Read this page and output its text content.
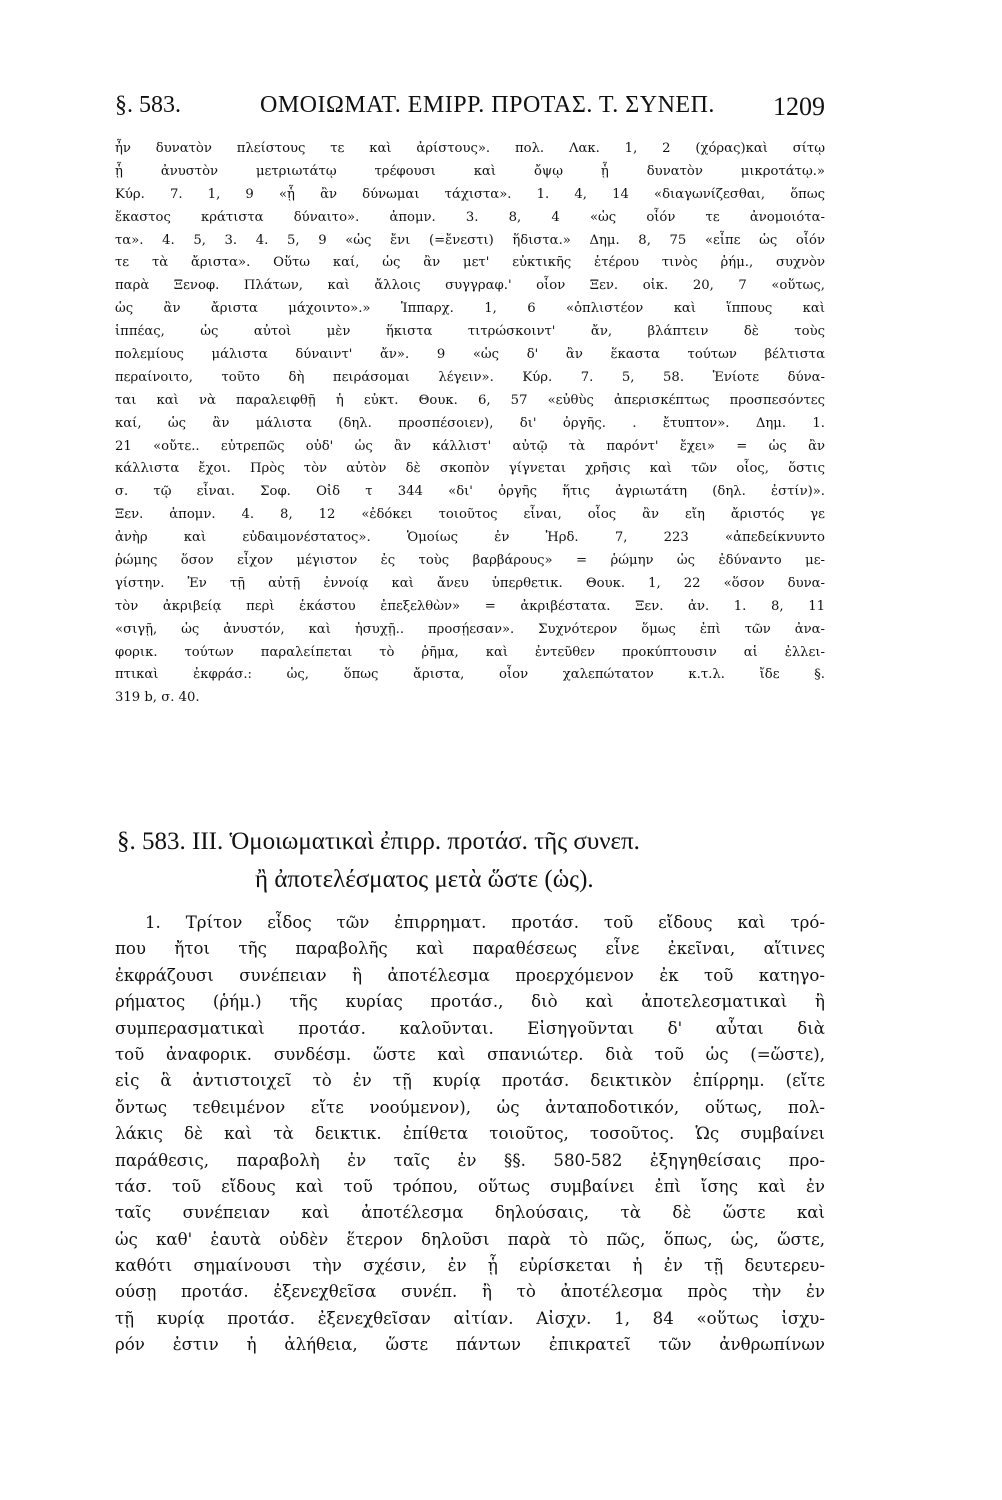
§. 583.	ΟΜΟΙΩΜΑΤ. ΕΜΙΡΡ. ΠΡΟΤΑΣ. Τ. ΣΥΝΕΠ. 1209
ἦν δυνατὸν πλείστους τε καὶ ἀρίστους». πολ. Λακ. 1, 2 (χόρας)καὶ σίτῳ
ᾗ ἀνυστὸν μετριωτάτῳ τρέφουσι καὶ ὄψῳ ᾗ δυνατὸν μικροτάτῳ.»
Κύρ. 7. 1, 9 «ᾗ ἂν δύνωμαι τάχιστα». 1. 4, 14 «διαγωνίζεσθαι, ὅπως
ἕκαστος κράτιστα δύναιτο». ἀπομν. 3. 8, 4 «ὡς οἷόν τε ἀνομοιότα-
τα». 4. 5, 3. 4. 5, 9 «ὡς ἔνι (=ἔνεστι) ἥδιστα.» Δημ. 8, 75 «εἶπε ὡς οἷόν
τε τὰ ἄριστα». Οὕτω καί, ὡς ἂν μετ' εὐκτικῆς ἑτέρου τινὸς ῥήμ., συχνὸν
παρὰ Ξενοφ. Πλάτων, καὶ ἄλλοις συγγραφ.' οἷον Ξεν. οἰκ. 20, 7 «οὕτως,
ὡς ἂν ἄριστα μάχοιντο».» Ἱππαρχ. 1, 6 «ὁπλιστέον καὶ ἵππους καὶ
ἱππέας, ὡς αὐτοὶ μὲν ἥκιστα τιτρώσκοιντ' ἄν, βλάπτειν δὲ τοὺς
πολεμίους μάλιστα δύναιντ' ἄν». 9 «ὡς δ' ἂν ἕκαστα τούτων βέλτιστα
περαίνοιτο, τοῦτο δὴ πειράσομαι λέγειν». Κύρ. 7. 5, 58. Ἐνίοτε δύνα-
ται καὶ νὰ παραλειφθῇ ἡ εὐκτ. Θουκ. 6, 57 «εὐθὺς ἀπερισκέπτως προσπεσόντες
καί, ὡς ἂν μάλιστα (δηλ. προσπέσοιεν), δι' ὀργῆς. . ἔτυπτον». Δημ. 1.
21 «οὔτε.. εὐτρεπῶς οὐδ' ὡς ἂν κάλλιστ' αὐτῷ τὰ παρόντ' ἔχει» = ὡς ἂν
κάλλιστα ἔχοι. Πρὸς τὸν αὐτὸν δὲ σκοπὸν γίγνεται χρῆσις καὶ τῶν οἷος, ὅστις
σ. τῷ εἶναι. Σοφ. Οἰδ τ 344 «δι' ὀργῆς ἥτις ἀγριωτάτη (δηλ. ἐστίν)».
Ξεν. ἀπομν. 4. 8, 12 «ἐδόκει τοιοῦτος εἶναι, οἷος ἂν εἴη ἄριστός γε
ἀνὴρ καὶ εὐδαιμονέστατος». Ὁμοίως ἐν Ἡρδ. 7, 223 «ἀπεδείκνυντο
ῥώμης ὅσον εἶχον μέγιστον ἐς τοὺς βαρβάρους» = ῥώμην ὡς ἐδύναντο με-
γίστην. Ἐν τῇ αὐτῇ ἐννοίᾳ καὶ ἄνευ ὑπερθετικ. Θουκ. 1, 22 «ὅσον δυνα-
τὸν ἀκριβείᾳ περὶ ἑκάστου ἐπεξελθὼν» = ἀκριβέστατα. Ξεν. ἀν. 1. 8, 11
«σιγῇ, ὡς ἀνυστόν, καὶ ἡσυχῇ.. προσῄεσαν». Συχνότερον ὅμως ἐπὶ τῶν ἀνα-
φορικ. τούτων παραλείπεται τὸ ῥῆμα, καὶ ἐντεῦθεν προκύπτουσιν αἱ ἐλλει-
πτικαὶ ἐκφράσ.: ὡς, ὅπως ἄριστα, οἷον χαλεπώτατον κ.τ.λ. ἴδε §.
319 b, σ. 40.
§. 583. III. Ὁμοιωματικαὶ ἐπιρρ. προτάσ. τῆς συνεπ.
ἢ ἀποτελέσματος μετὰ ὥστε (ὡς).
1. Τρίτον εἶδος τῶν ἐπιρρηματ. προτάσ. τοῦ εἴδους καὶ τρό-
που ἤτοι τῆς παραβολῆς καὶ παραθέσεως εἶνε ἐκεῖναι, αἵτινες
ἐκφράζουσι συνέπειαν ἢ ἀποτέλεσμα προερχόμενον ἐκ τοῦ κατηγο-
ρήματος (ῥήμ.) τῆς κυρίας προτάσ., διὸ καὶ ἀποτελεσματικαὶ ἢ
συμπερασματικαὶ προτάσ. καλοῦνται. Εἰσηγοῦνται δ' αὗται διὰ
τοῦ ἀναφορικ. συνδέσμ. ὥστε καὶ σπανιώτερ. διὰ τοῦ ὡς (=ὥστε),
εἰς ἃ ἀντιστοιχεῖ τὸ ἐν τῇ κυρίᾳ προτάσ. δεικτικὸν ἐπίρρημ. (εἴτε
ὄντως τεθειμένον εἴτε νοούμενον), ὡς ἀνταποδοτικόν, οὕτως, πολ-
λάκις δὲ καὶ τὰ δεικτικ. ἐπίθετα τοιοῦτος, τοσοῦτος. Ὡς συμβαίνει
παράθεσις, παραβολὴ ἐν ταῖς ἐν §§. 580-582 ἐξηγηθείσαις προ-
τάσ. τοῦ εἴδους καὶ τοῦ τρόπου, οὕτως συμβαίνει ἐπὶ ἴσης καὶ ἐν
ταῖς συνέπειαν καὶ ἀποτέλεσμα δηλούσαις, τὰ δὲ ὥστε καὶ
ὡς καθ' ἑαυτὰ οὐδὲν ἕτερον δηλοῦσι παρὰ τὸ πῶς, ὅπως, ὡς, ὥστε,
καθότι σημαίνουσι τὴν σχέσιν, ἐν ᾗ εὑρίσκεται ἡ ἐν τῇ δευτερευ-
ούσῃ προτάσ. ἐξενεχθεῖσα συνέπ. ἢ τὸ ἀποτέλεσμα πρὸς τὴν ἐν
τῇ κυρίᾳ προτάσ. ἐξενεχθεῖσαν αἰτίαν. Αἰσχν. 1, 84 «οὕτως ἰσχυ-
ρόν ἐστιν ἡ ἀλήθεια, ὥστε πάντων ἐπικρατεῖ τῶν ἀνθρωπίνων
